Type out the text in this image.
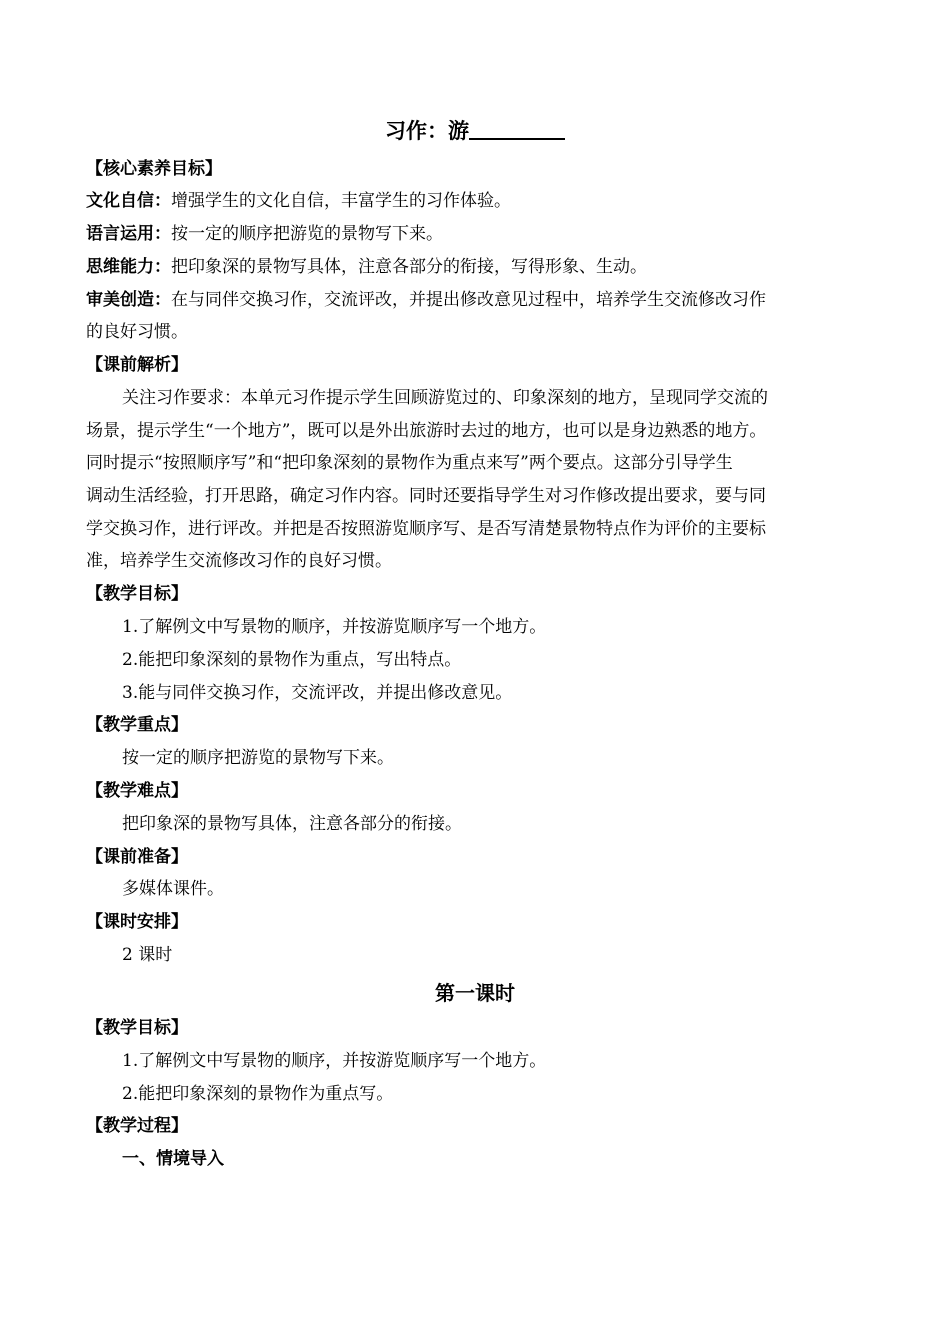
习作：游
【核心素养目标】
文化自信：增强学生的文化自信，丰富学生的习作体验。
语言运用：按一定的顺序把游览的景物写下来。
思维能力：把印象深的景物写具体，注意各部分的衔接，写得形象、生动。
审美创造：在与同伴交换习作，交流评改，并提出修改意见过程中，培养学生交流修改习作
的良好习惯。
【课前解析】
关注习作要求：本单元习作提示学生回顾游览过的、印象深刻的地方，呈现同学交流的
场景，提示学生“一个地方”，既可以是外出旅游时去过的地方，也可以是身边熟悉的地方。
同时提示“按照顺序写”和“把印象深刻的景物作为重点来写”两个要点。这部分引导学生
调动生活经验，打开思路，确定习作内容。同时还要指导学生对习作修改提出要求，要与同
学交换习作，进行评改。并把是否按照游览顺序写、是否写清楚景物特点作为评价的主要标
准，培养学生交流修改习作的良好习惯。
【教学目标】
1.了解例文中写景物的顺序，并按游览顺序写一个地方。
2.能把印象深刻的景物作为重点，写出特点。
3.能与同伴交换习作，交流评改，并提出修改意见。
【教学重点】
按一定的顺序把游览的景物写下来。
【教学难点】
把印象深的景物写具体，注意各部分的衔接。
【课前准备】
多媒体课件。
【课时安排】
2 课时
第一课时
【教学目标】
1.了解例文中写景物的顺序，并按游览顺序写一个地方。
2.能把印象深刻的景物作为重点写。
【教学过程】
一、情境导入
